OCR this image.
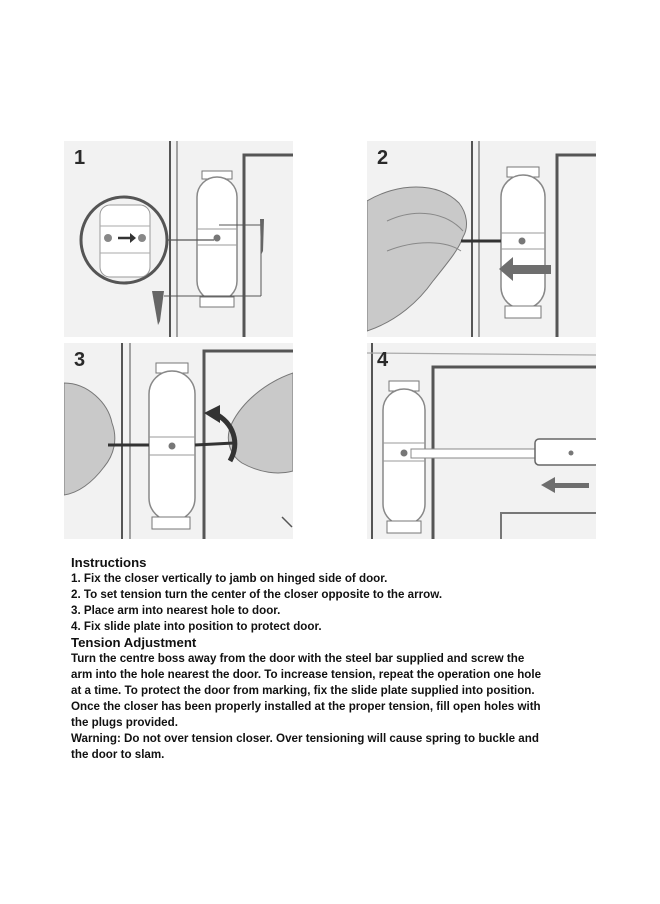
1	2
3	4
Instructions
1. Fix the closer vertically to jamb on hinged side of door.
2. To set tension turn the center of the closer opposite to the arrow.
3. Place arm into nearest hole to door.
4. Fix slide plate into position to protect door.
Tension Adjustment

Turn the centre boss away from the door with the steel bar supplied and screw the

arm into the hole nearest the door. To increase tension, repeat the operation one hole

at a time. To protect the door from marking, fix the slide plate supplied into position.

Once the closer has been properly installed at the proper tension, fill open holes with

the plugs provided.

Warning: Do not over tension closer. Over tensioning will cause spring to buckle and

the door to slam.
